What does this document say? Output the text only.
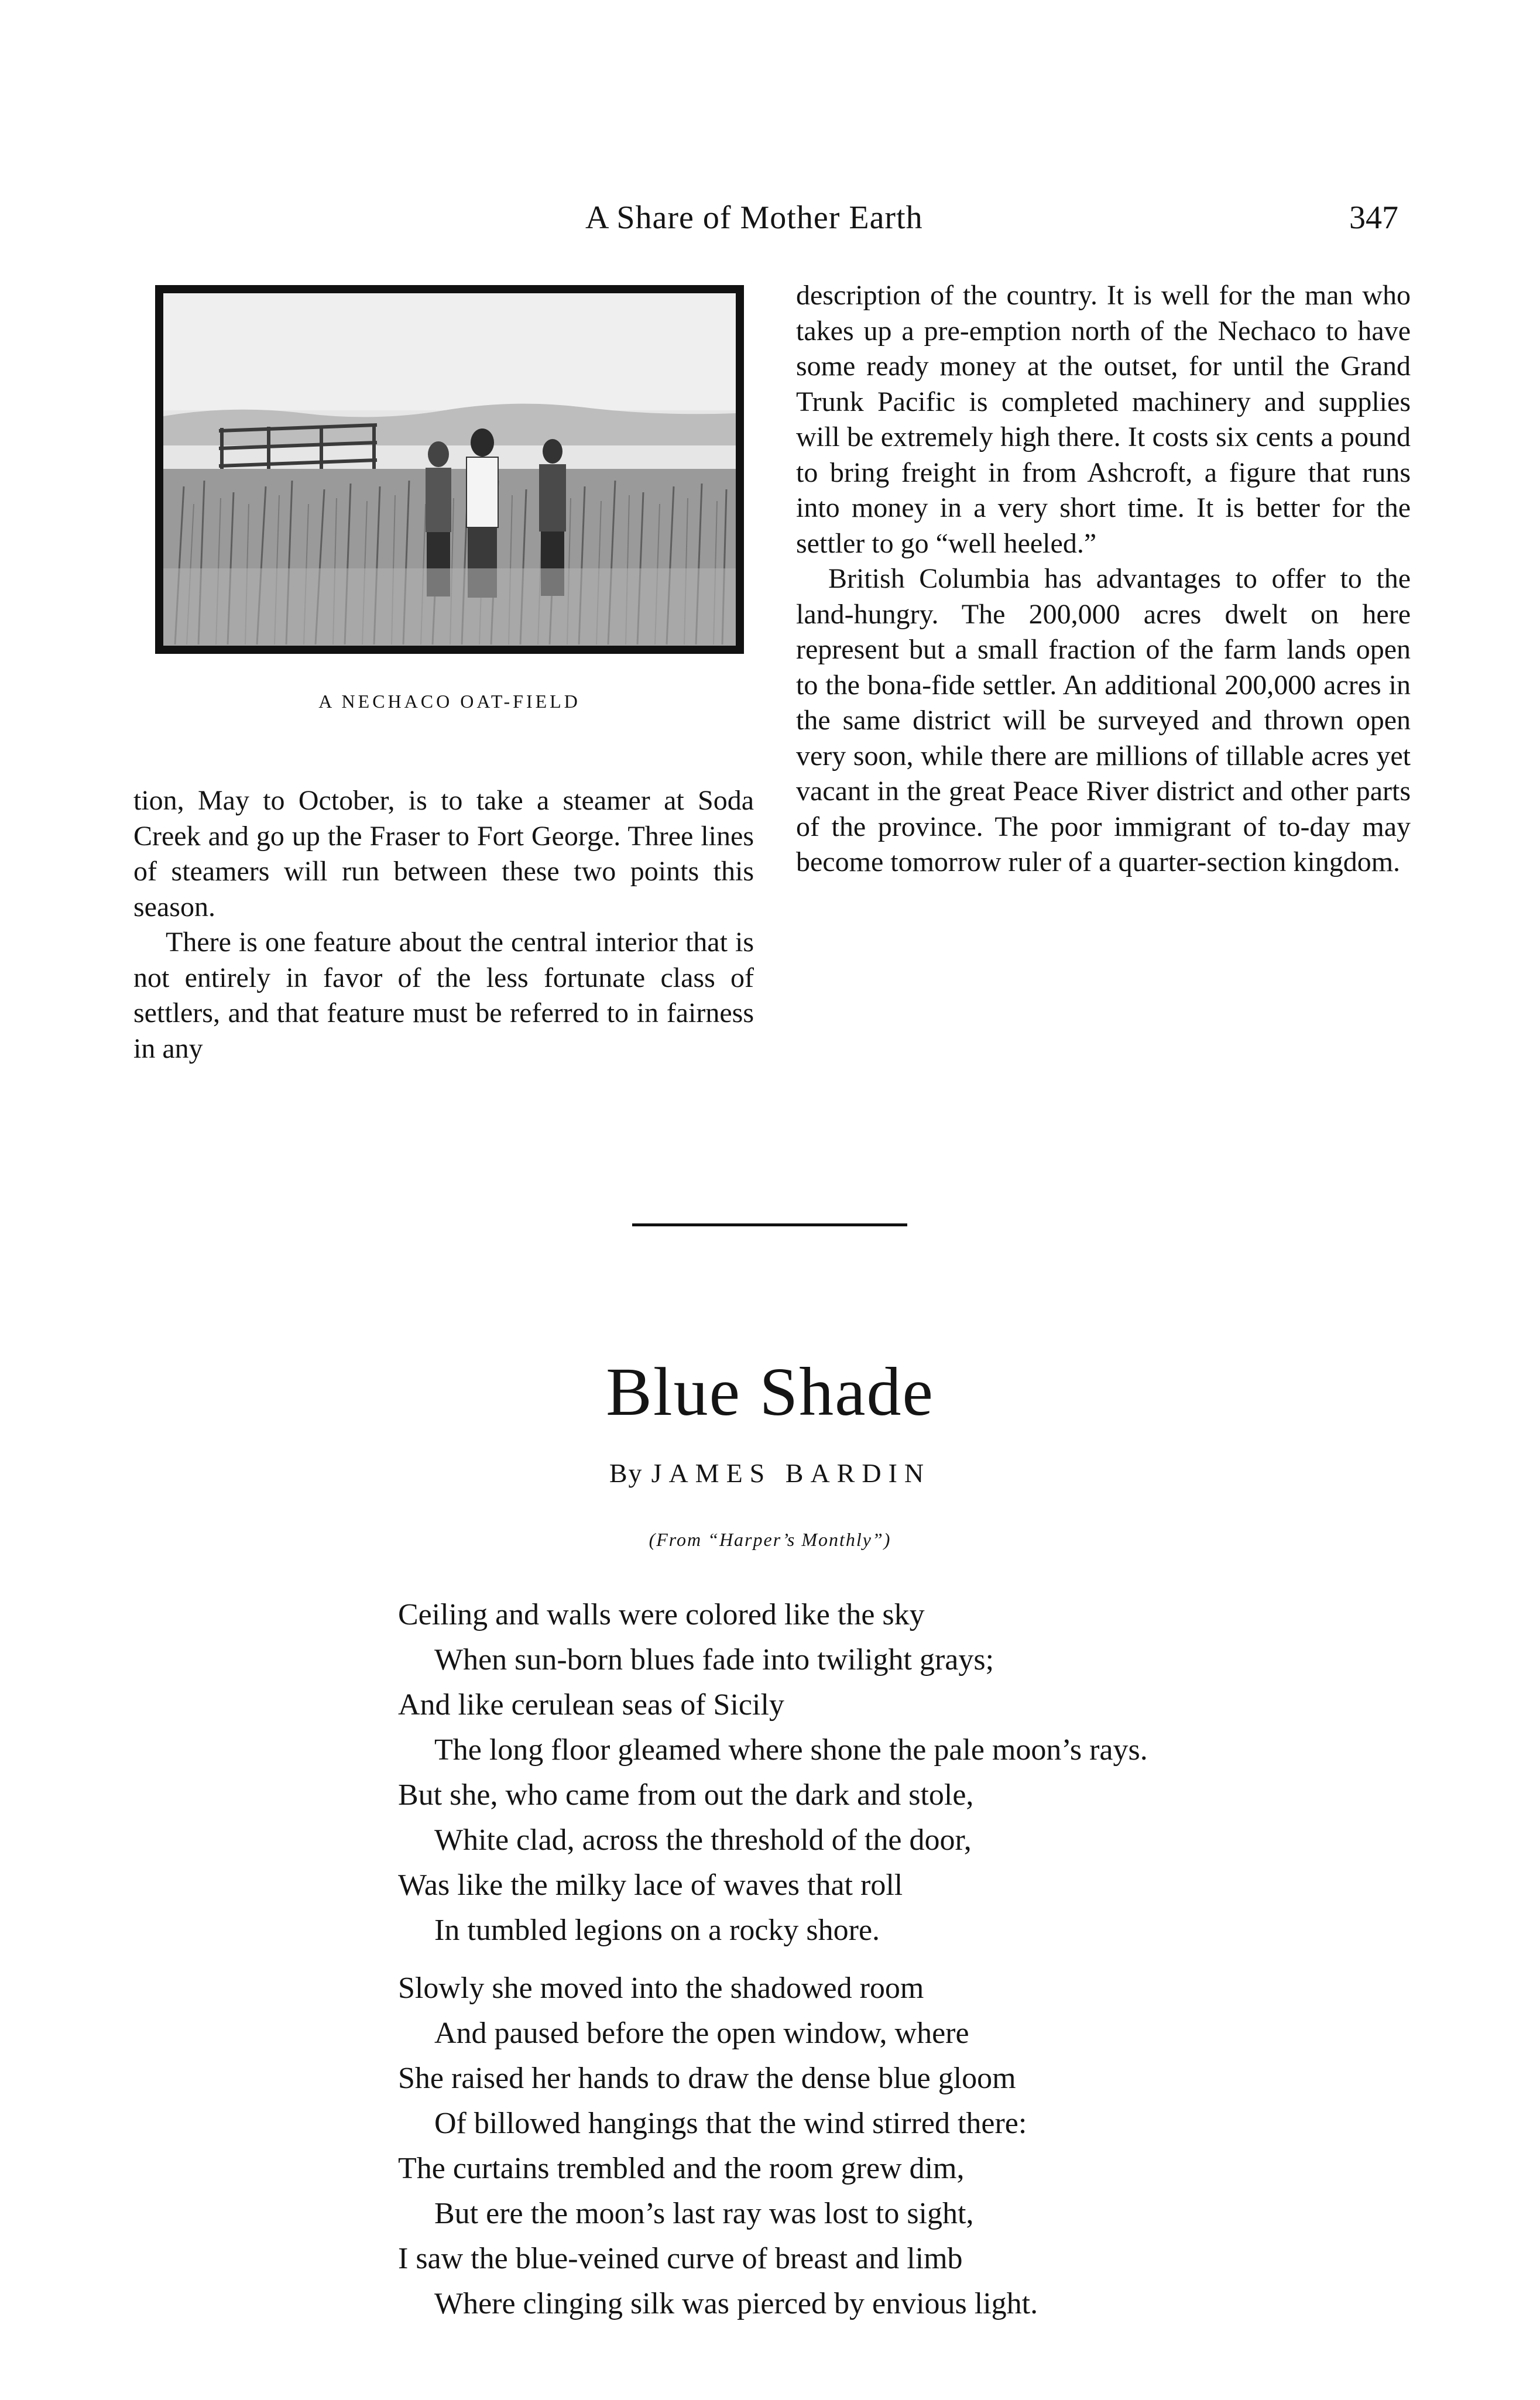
A Share of Mother Earth	347
A NECHACO OAT-FIELD

tion, May to October, is to take a steamer at Soda Creek and go up the Fraser to Fort George. Three lines of steamers will run between these two points this season.

There is one feature about the central interior that is not entirely in favor of the less fortunate class of settlers, and that feature must be referred to in fairness in any

description of the country. It is well for the man who takes up a pre-emption north of the Nechaco to have some ready money at the outset, for until the Grand Trunk Pacific is completed machinery and supplies will be extremely high there. It costs six cents a pound to bring freight in from Ashcroft, a figure that runs into money in a very short time. It is better for the settler to go “well heeled.”

British Columbia has advantages to offer to the land-hungry. The 200,000 acres dwelt on here represent but a small fraction of the farm lands open to the bona-fide settler. An additional 200,000 acres in the same district will be surveyed and thrown open very soon, while there are millions of tillable acres yet vacant in the great Peace River district and other parts of the province. The poor immigrant of to-day may become tomorrow ruler of a quarter-section kingdom.

Blue Shade
By JAMES BARDIN
(From “Harper’s Monthly”)
Ceiling and walls were colored like the sky
When sun-born blues fade into twilight grays;
And like cerulean seas of Sicily
The long floor gleamed where shone the pale moon’s rays.
But she, who came from out the dark and stole,
White clad, across the threshold of the door,
Was like the milky lace of waves that roll
In tumbled legions on a rocky shore.
Slowly she moved into the shadowed room
And paused before the open window, where
She raised her hands to draw the dense blue gloom
Of billowed hangings that the wind stirred there:
The curtains trembled and the room grew dim,
But ere the moon’s last ray was lost to sight,
I saw the blue-veined curve of breast and limb
Where clinging silk was pierced by envious light.
